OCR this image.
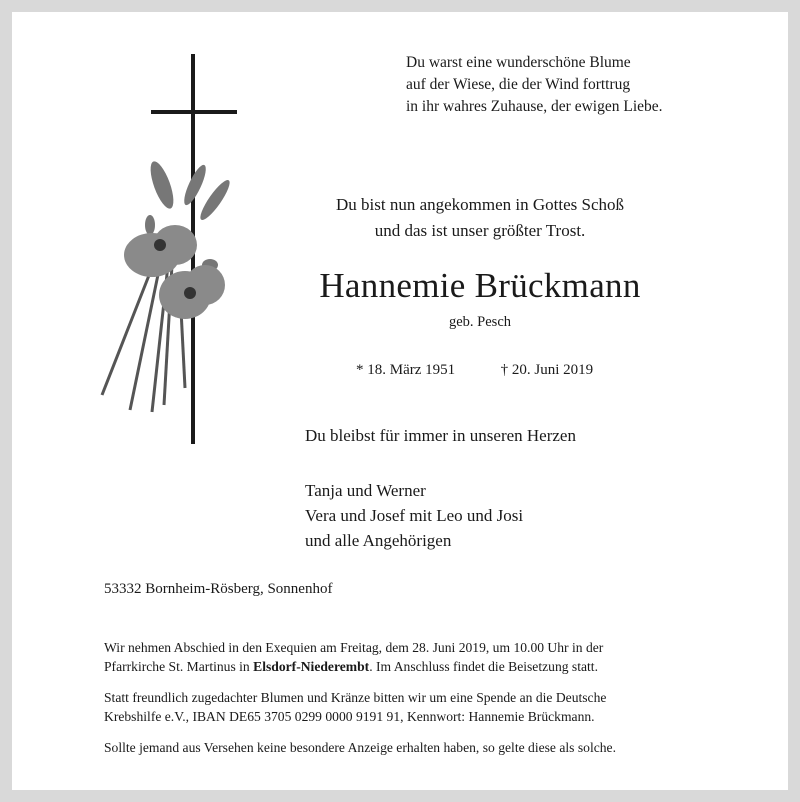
Du warst eine wunderschöne Blume
auf der Wiese, die der Wind forttrug
in ihr wahres Zuhause, der ewigen Liebe.
Du bist nun angekommen in Gottes Schoß
und das ist unser größter Trost.
Hannemie Brückmann
geb. Pesch
* 18. März 1951	† 20. Juni 2019
Du bleibst für immer in unseren Herzen
Tanja und Werner
Vera und Josef mit Leo und Josi
und alle Angehörigen
53332 Bornheim-Rösberg, Sonnenhof
Wir nehmen Abschied in den Exequien am Freitag, dem 28. Juni 2019, um 10.00 Uhr in der
Pfarrkirche St. Martinus in Elsdorf-Niederembt. Im Anschluss findet die Beisetzung statt.
Statt freundlich zugedachter Blumen und Kränze bitten wir um eine Spende an die Deutsche
Krebshilfe e.V., IBAN DE65 3705 0299 0000 9191 91, Kennwort: Hannemie Brückmann.
Sollte jemand aus Versehen keine besondere Anzeige erhalten haben, so gelte diese als solche.
